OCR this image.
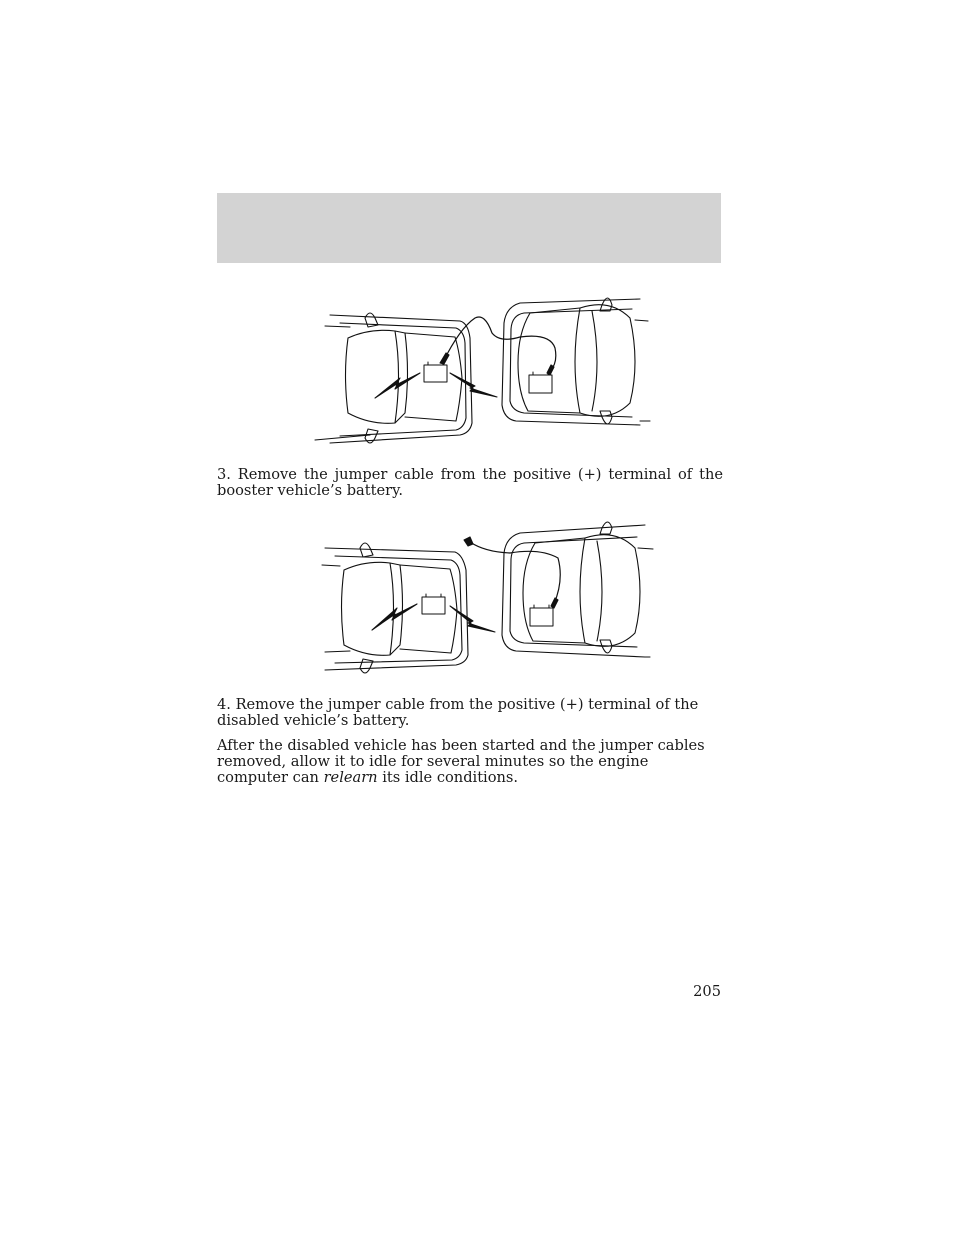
3. Remove the jumper cable from the positive (+) terminal of the booster vehicle’s battery.

4. Remove the jumper cable from the positive (+) terminal of the disabled vehicle’s battery.

After the disabled vehicle has been started and the jumper cables removed, allow it to idle for several minutes so the engine computer can relearn its idle conditions.

205
